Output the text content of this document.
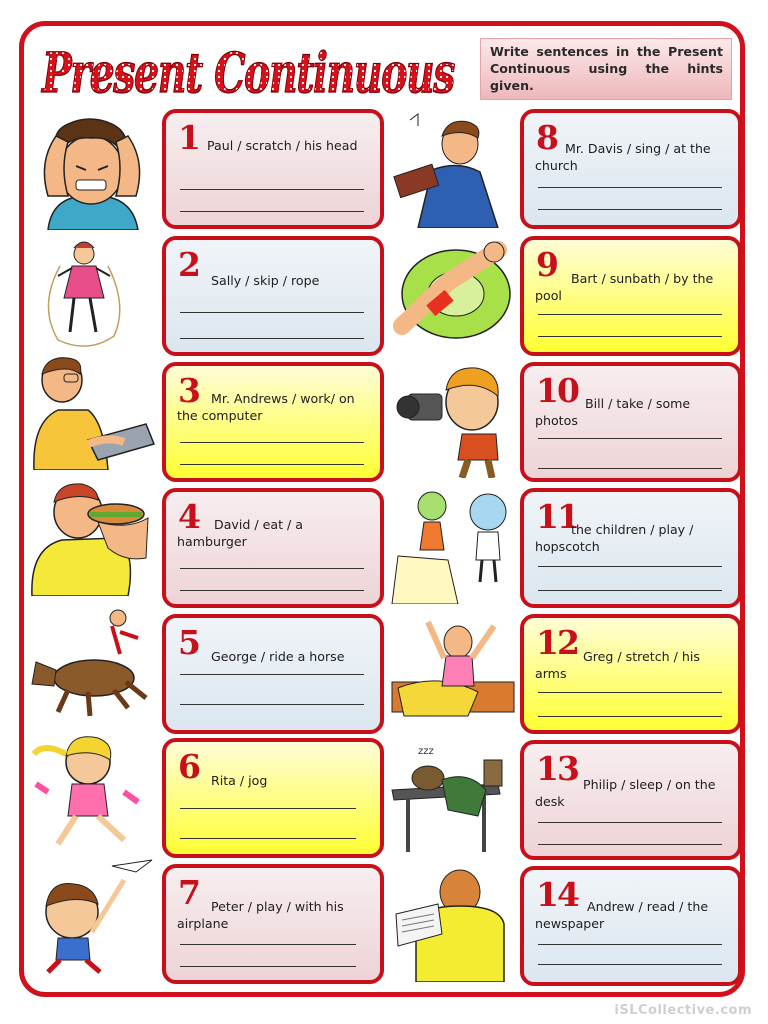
Present Continuous	Write sentences in the Present Continuous using the hints given.
zzz
1 Paul / scratch / his head
2 Sally / skip / rope
3 Mr. Andrews / work/ on the computer
4	David / eat / a hamburger
5 George / ride a horse
6 Rita / jog
7 Peter / play / with his airplane
8 Mr. Davis / sing / at the church
9	Bart / sunbath / by the pool
10 Bill / take / some photos
11
the children / play / hopscotch
12 Greg / stretch / his arms
13 Philip / sleep / on the desk
14 Andrew / read / the newspaper
iSLCollective.com
